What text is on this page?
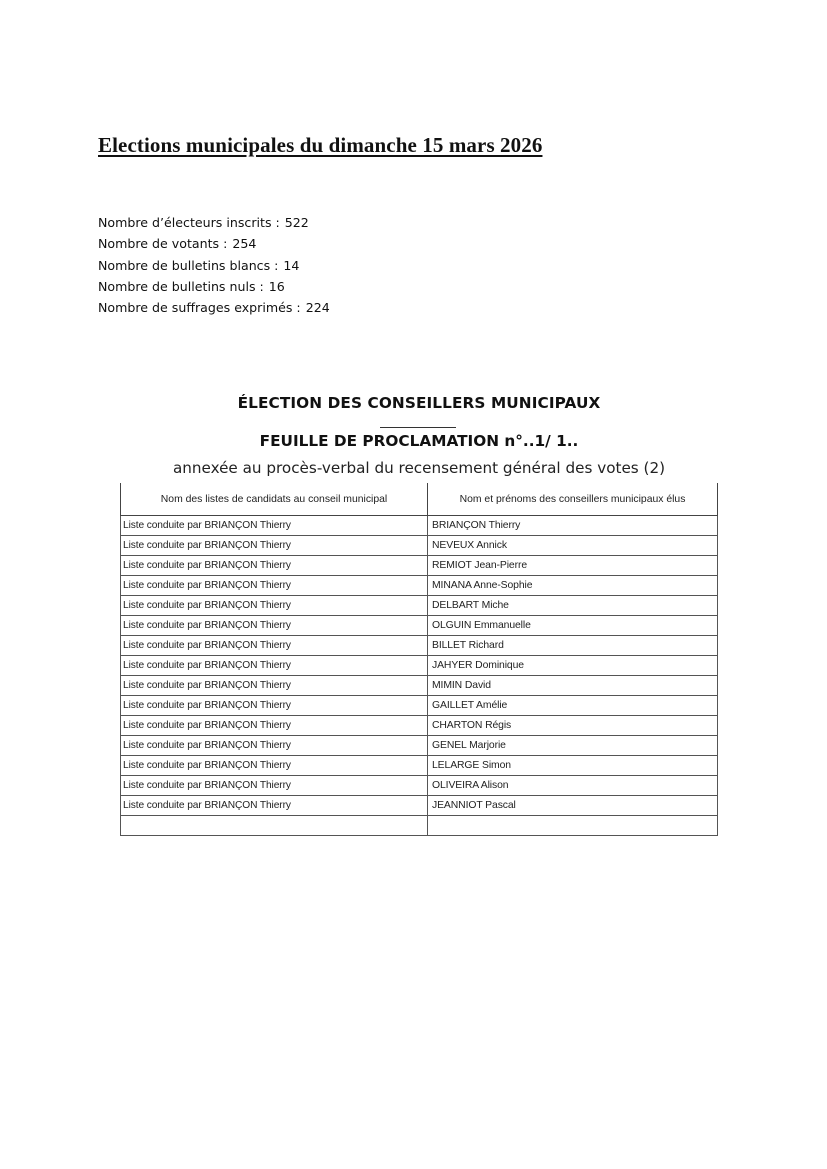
Elections municipales du dimanche 15 mars 2026
Nombre d’électeurs inscrits : 522
Nombre de votants : 254
Nombre de bulletins blancs : 14
Nombre de bulletins nuls : 16
Nombre de suffrages exprimés : 224
ÉLECTION DES CONSEILLERS MUNICIPAUX
FEUILLE DE PROCLAMATION n°..1/ 1..
annexée au procès-verbal du recensement général des votes (2)
Nom des listes de candidats au conseil municipal	Nom et prénoms des conseillers municipaux élus
Liste conduite par BRIANÇON Thierry	BRIANÇON Thierry
Liste conduite par BRIANÇON Thierry	NEVEUX Annick
Liste conduite par BRIANÇON Thierry	REMIOT Jean-Pierre
Liste conduite par BRIANÇON Thierry	MINANA Anne-Sophie
Liste conduite par BRIANÇON Thierry	DELBART Miche
Liste conduite par BRIANÇON Thierry	OLGUIN Emmanuelle
Liste conduite par BRIANÇON Thierry	BILLET Richard
Liste conduite par BRIANÇON Thierry	JAHYER Dominique
Liste conduite par BRIANÇON Thierry	MIMIN David
Liste conduite par BRIANÇON Thierry	GAILLET Amélie
Liste conduite par BRIANÇON Thierry	CHARTON Régis
Liste conduite par BRIANÇON Thierry	GENEL Marjorie
Liste conduite par BRIANÇON Thierry	LELARGE Simon
Liste conduite par BRIANÇON Thierry	OLIVEIRA Alison
Liste conduite par BRIANÇON Thierry	JEANNIOT Pascal
